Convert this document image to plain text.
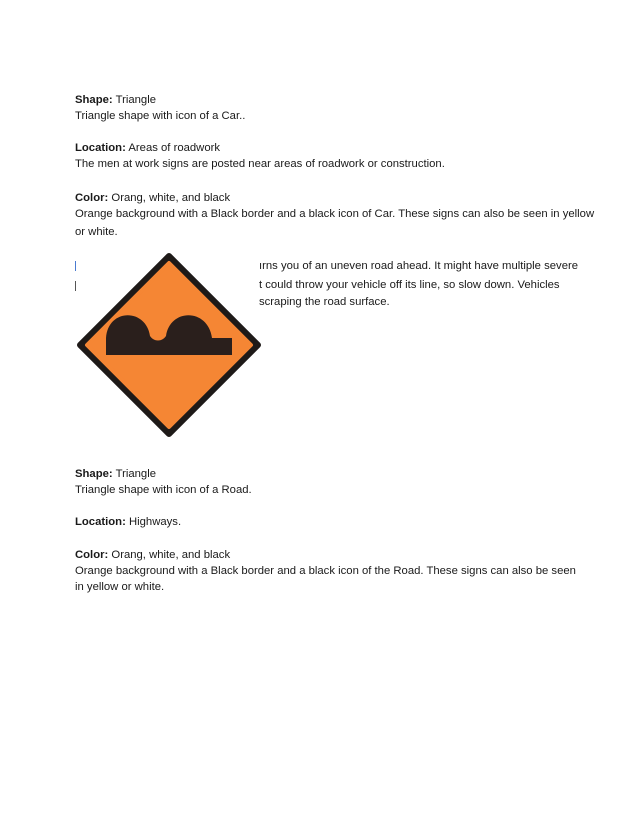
Shape: Triangle
Triangle shape with icon of a Car..
Location: Areas of roadwork
The men at work signs are posted near areas of roadwork or construction.
Color: Orang, white, and black
Orange background with a Black border and a black icon of Car. These signs can also be seen in yellow
or white.
ırns you of an uneven road ahead. It might have multiple severe
t could throw your vehicle off its line, so slow down. Vehicles
scraping the road surface.
Shape: Triangle
Triangle shape with icon of a Road.
Location: Highways.
Color: Orang, white, and black
Orange background with a Black border and a black icon of the Road. These signs can also be seen
in yellow or white.
